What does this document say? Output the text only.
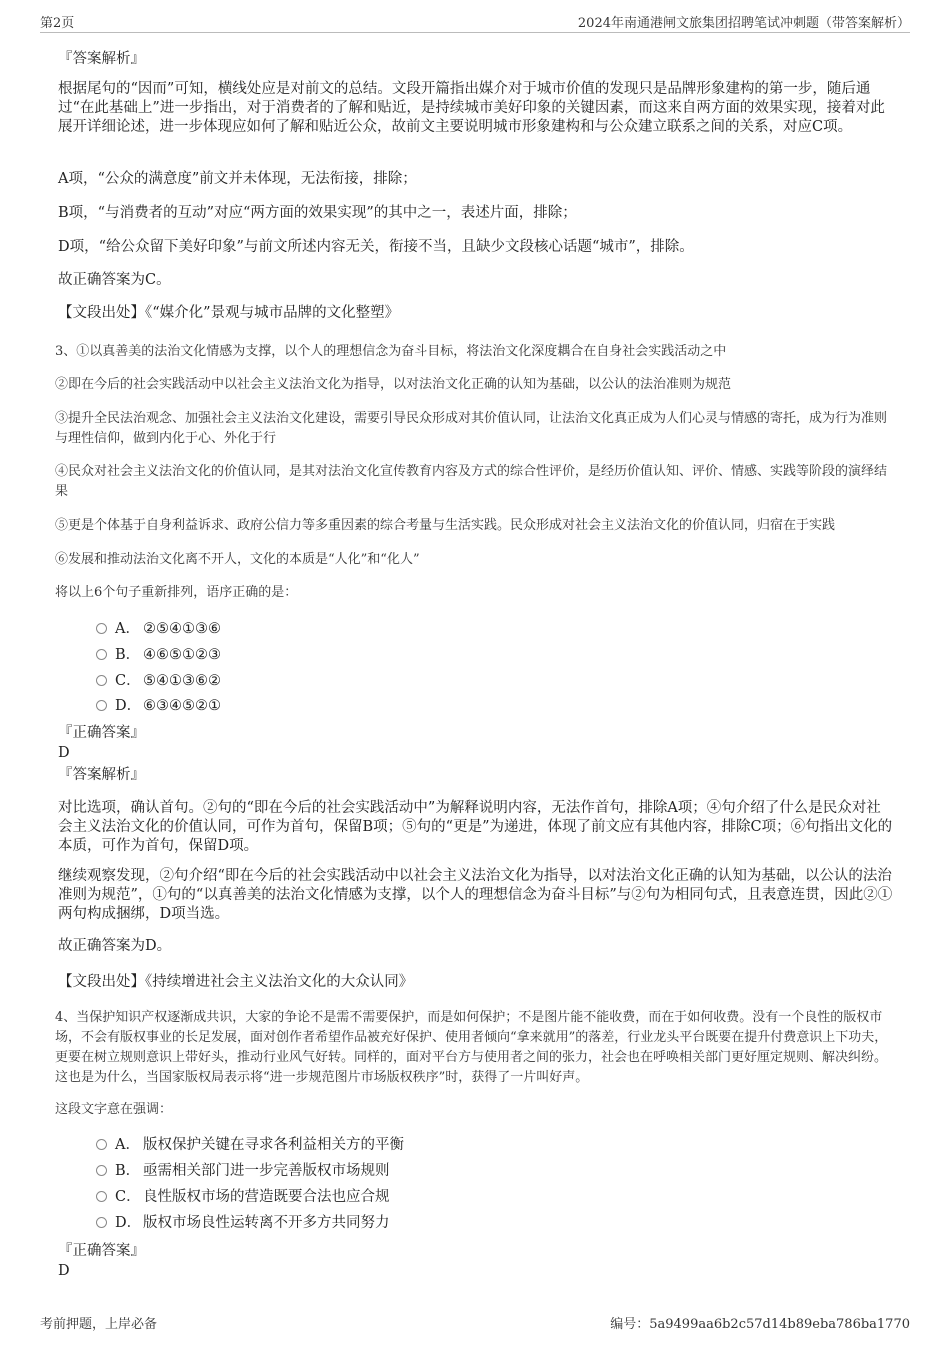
第2页	2024年南通港闸文旅集团招聘笔试冲刺题（带答案解析）
『答案解析』
根据尾句的“因而”可知，横线处应是对前文的总结。文段开篇指出媒介对于城市价值的发现只是品牌形象建构的第一步，随后通过“在此基础上”进一步指出，对于消费者的了解和贴近，是持续城市美好印象的关键因素，而这来自两方面的效果实现，接着对此展开详细论述，进一步体现应如何了解和贴近公众，故前文主要说明城市形象建构和与公众建立联系之间的关系，对应C项。
A项，“公众的满意度”前文并未体现，无法衔接，排除；
B项，“与消费者的互动”对应“两方面的效果实现”的其中之一，表述片面，排除；
D项，“给公众留下美好印象”与前文所述内容无关，衔接不当，且缺少文段核心话题“城市”，排除。
故正确答案为C。
【文段出处】《“媒介化”景观与城市品牌的文化整塑》
3、①以真善美的法治文化情感为支撑，以个人的理想信念为奋斗目标，将法治文化深度耦合在自身社会实践活动之中
②即在今后的社会实践活动中以社会主义法治文化为指导，以对法治文化正确的认知为基础，以公认的法治准则为规范
③提升全民法治观念、加强社会主义法治文化建设，需要引导民众形成对其价值认同，让法治文化真正成为人们心灵与情感的寄托，成为行为准则与理性信仰，做到内化于心、外化于行
④民众对社会主义法治文化的价值认同，是其对法治文化宣传教育内容及方式的综合性评价，是经历价值认知、评价、情感、实践等阶段的演绎结果
⑤更是个体基于自身利益诉求、政府公信力等多重因素的综合考量与生活实践。民众形成对社会主义法治文化的价值认同，归宿在于实践
⑥发展和推动法治文化离不开人，文化的本质是“人化”和“化人”
将以上6个句子重新排列，语序正确的是：
A． ②⑤④①③⑥
B． ④⑥⑤①②③
C． ⑤④①③⑥②
D． ⑥③④⑤②①
『正确答案』
D
『答案解析』
对比选项，确认首句。②句的“即在今后的社会实践活动中”为解释说明内容，无法作首句，排除A项；④句介绍了什么是民众对社会主义法治文化的价值认同，可作为首句，保留B项；⑤句的“更是”为递进，体现了前文应有其他内容，排除C项；⑥句指出文化的本质，可作为首句，保留D项。
继续观察发现，②句介绍“即在今后的社会实践活动中以社会主义法治文化为指导，以对法治文化正确的认知为基础，以公认的法治准则为规范”，①句的“以真善美的法治文化情感为支撑，以个人的理想信念为奋斗目标”与②句为相同句式，且表意连贯，因此②①两句构成捆绑，D项当选。
故正确答案为D。
【文段出处】《持续增进社会主义法治文化的大众认同》
4、当保护知识产权逐渐成共识，大家的争论不是需不需要保护，而是如何保护；不是图片能不能收费，而在于如何收费。没有一个良性的版权市场，不会有版权事业的长足发展，面对创作者希望作品被充好保护、使用者倾向“拿来就用”的落差，行业龙头平台既要在提升付费意识上下功夫，更要在树立规则意识上带好头，推动行业风气好转。同样的，面对平台方与使用者之间的张力，社会也在呼唤相关部门更好厘定规则、解决纠纷。这也是为什么，当国家版权局表示将“进一步规范图片市场版权秩序”时，获得了一片叫好声。
这段文字意在强调：
A． 版权保护关键在寻求各利益相关方的平衡
B． 亟需相关部门进一步完善版权市场规则
C． 良性版权市场的营造既要合法也应合规
D． 版权市场良性运转离不开多方共同努力
『正确答案』
D
考前押题，上岸必备	编号：5a9499aa6b2c57d14b89eba786ba1770
